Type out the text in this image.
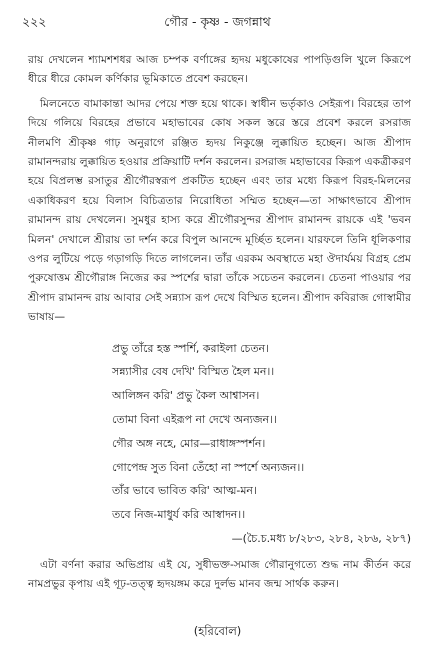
২২২	গৌর - কৃষ্ণ - জগন্নাথ

রায় দেখলেন শ্যামশশধর আজ চম্পক বর্ণাঙ্গের হৃদয় মধুকোষের পাপড়িগুলি খুলে কিরূপে ধীরে ধীরে কোমল কর্ণিকার ভূমিকাতে প্রবেশ করছেন।

মিলনেতে বামাকান্তা আদর পেয়ে শক্ত হয়ে থাকে। স্বাধীন ভর্তৃকাও সেইরূপ। বিরহের তাপ দিয়ে গলিয়ে বিরহের প্রভাবে মহাভাবের কোষ সকল স্তরে স্তরে প্রবেশ করলে রসরাজ নীলমণি শ্রীকৃষ্ণ গাঢ় অনুরাগে রঞ্জিত হৃদয় নিকুঞ্জে লুক্কায়িত হচ্ছেন। আজ শ্রীপাদ রামানন্দরায় লুক্কায়িত হওয়ার প্রক্রিয়াটি দর্শন করলেন। রসরাজ মহাভাবের কিরূপ একত্রীকরণ হয়ে বিপ্রলম্ভ রসাতুর শ্রীগৌরস্বরূপ প্রকটিত হচ্ছেন এবং তার মধ্যে কিরূপ বিরহ-মিলনের একাধিকরণ হয়ে বিলাস বিচিত্রতার নিরোধিতা সম্মিত হচ্ছেন—তা সাক্ষাৎভাবে শ্রীপাদ রামানন্দ রায় দেখলেন। সুমধুর হাস্য করে শ্রীগৌরসুন্দর শ্রীপাদ রামানন্দ রায়কে এই 'ভবন মিলন' দেখালে শ্রীরায় তা দর্শন করে বিপুল আনন্দে মূর্চ্ছিত হলেন। যারফলে তিনি ধূলিকণার ওপর লুটিয়ে পড়ে গড়াগড়ি দিতে লাগলেন। তাঁর এরকম অবস্থাতে মহা ঔদার্যময় বিগ্রহ প্রেম পুরুষোত্তম শ্রীগৌরাঙ্গ নিজের কর স্পর্শের দ্বারা তাঁকে সচেতন করলেন। চেতনা পাওয়ার পর শ্রীপাদ রামানন্দ রায় আবার সেই সন্ন্যাস রূপ দেখে বিস্মিত হলেন। শ্রীপাদ কবিরাজ গোস্বামীর ভাষায়—

প্রভু তাঁরে হস্ত স্পর্শি, করাইলা চেতন।
সন্ন্যাসীর বেষ দেখি' বিস্মিত হৈল মন।।
আলিঙ্গন করি' প্রভু কৈল আশ্বাসন।
তোমা বিনা এইরূপ না দেখে অন্যজন।।
গৌর অঙ্গ নহে, মোর—রাধাঙ্গস্পর্শন।
গোপেন্দ্র সুত বিনা তেঁহো না স্পর্শে অন্যজন।।
তাঁর ভাবে ভাবিত করি' আত্ম-মন।
তবে নিজ-মাধুর্য করি আস্বাদন।।

—(চৈ.চ.মধ্য ৮/২৮৩, ২৮৪, ২৮৬, ২৮৭)

এটা বর্ণনা করার অভিপ্রায় এই যে, সুধীভক্ত-সমাজ গৌরানুগত্যে শুদ্ধ নাম কীর্তন করে নামপ্রভুর কৃপায় এই গূঢ়-তত্ত্ব হৃদয়ঙ্গম করে দুর্লভ মানব জন্ম সার্থক করুন।

(হরিবোল)
